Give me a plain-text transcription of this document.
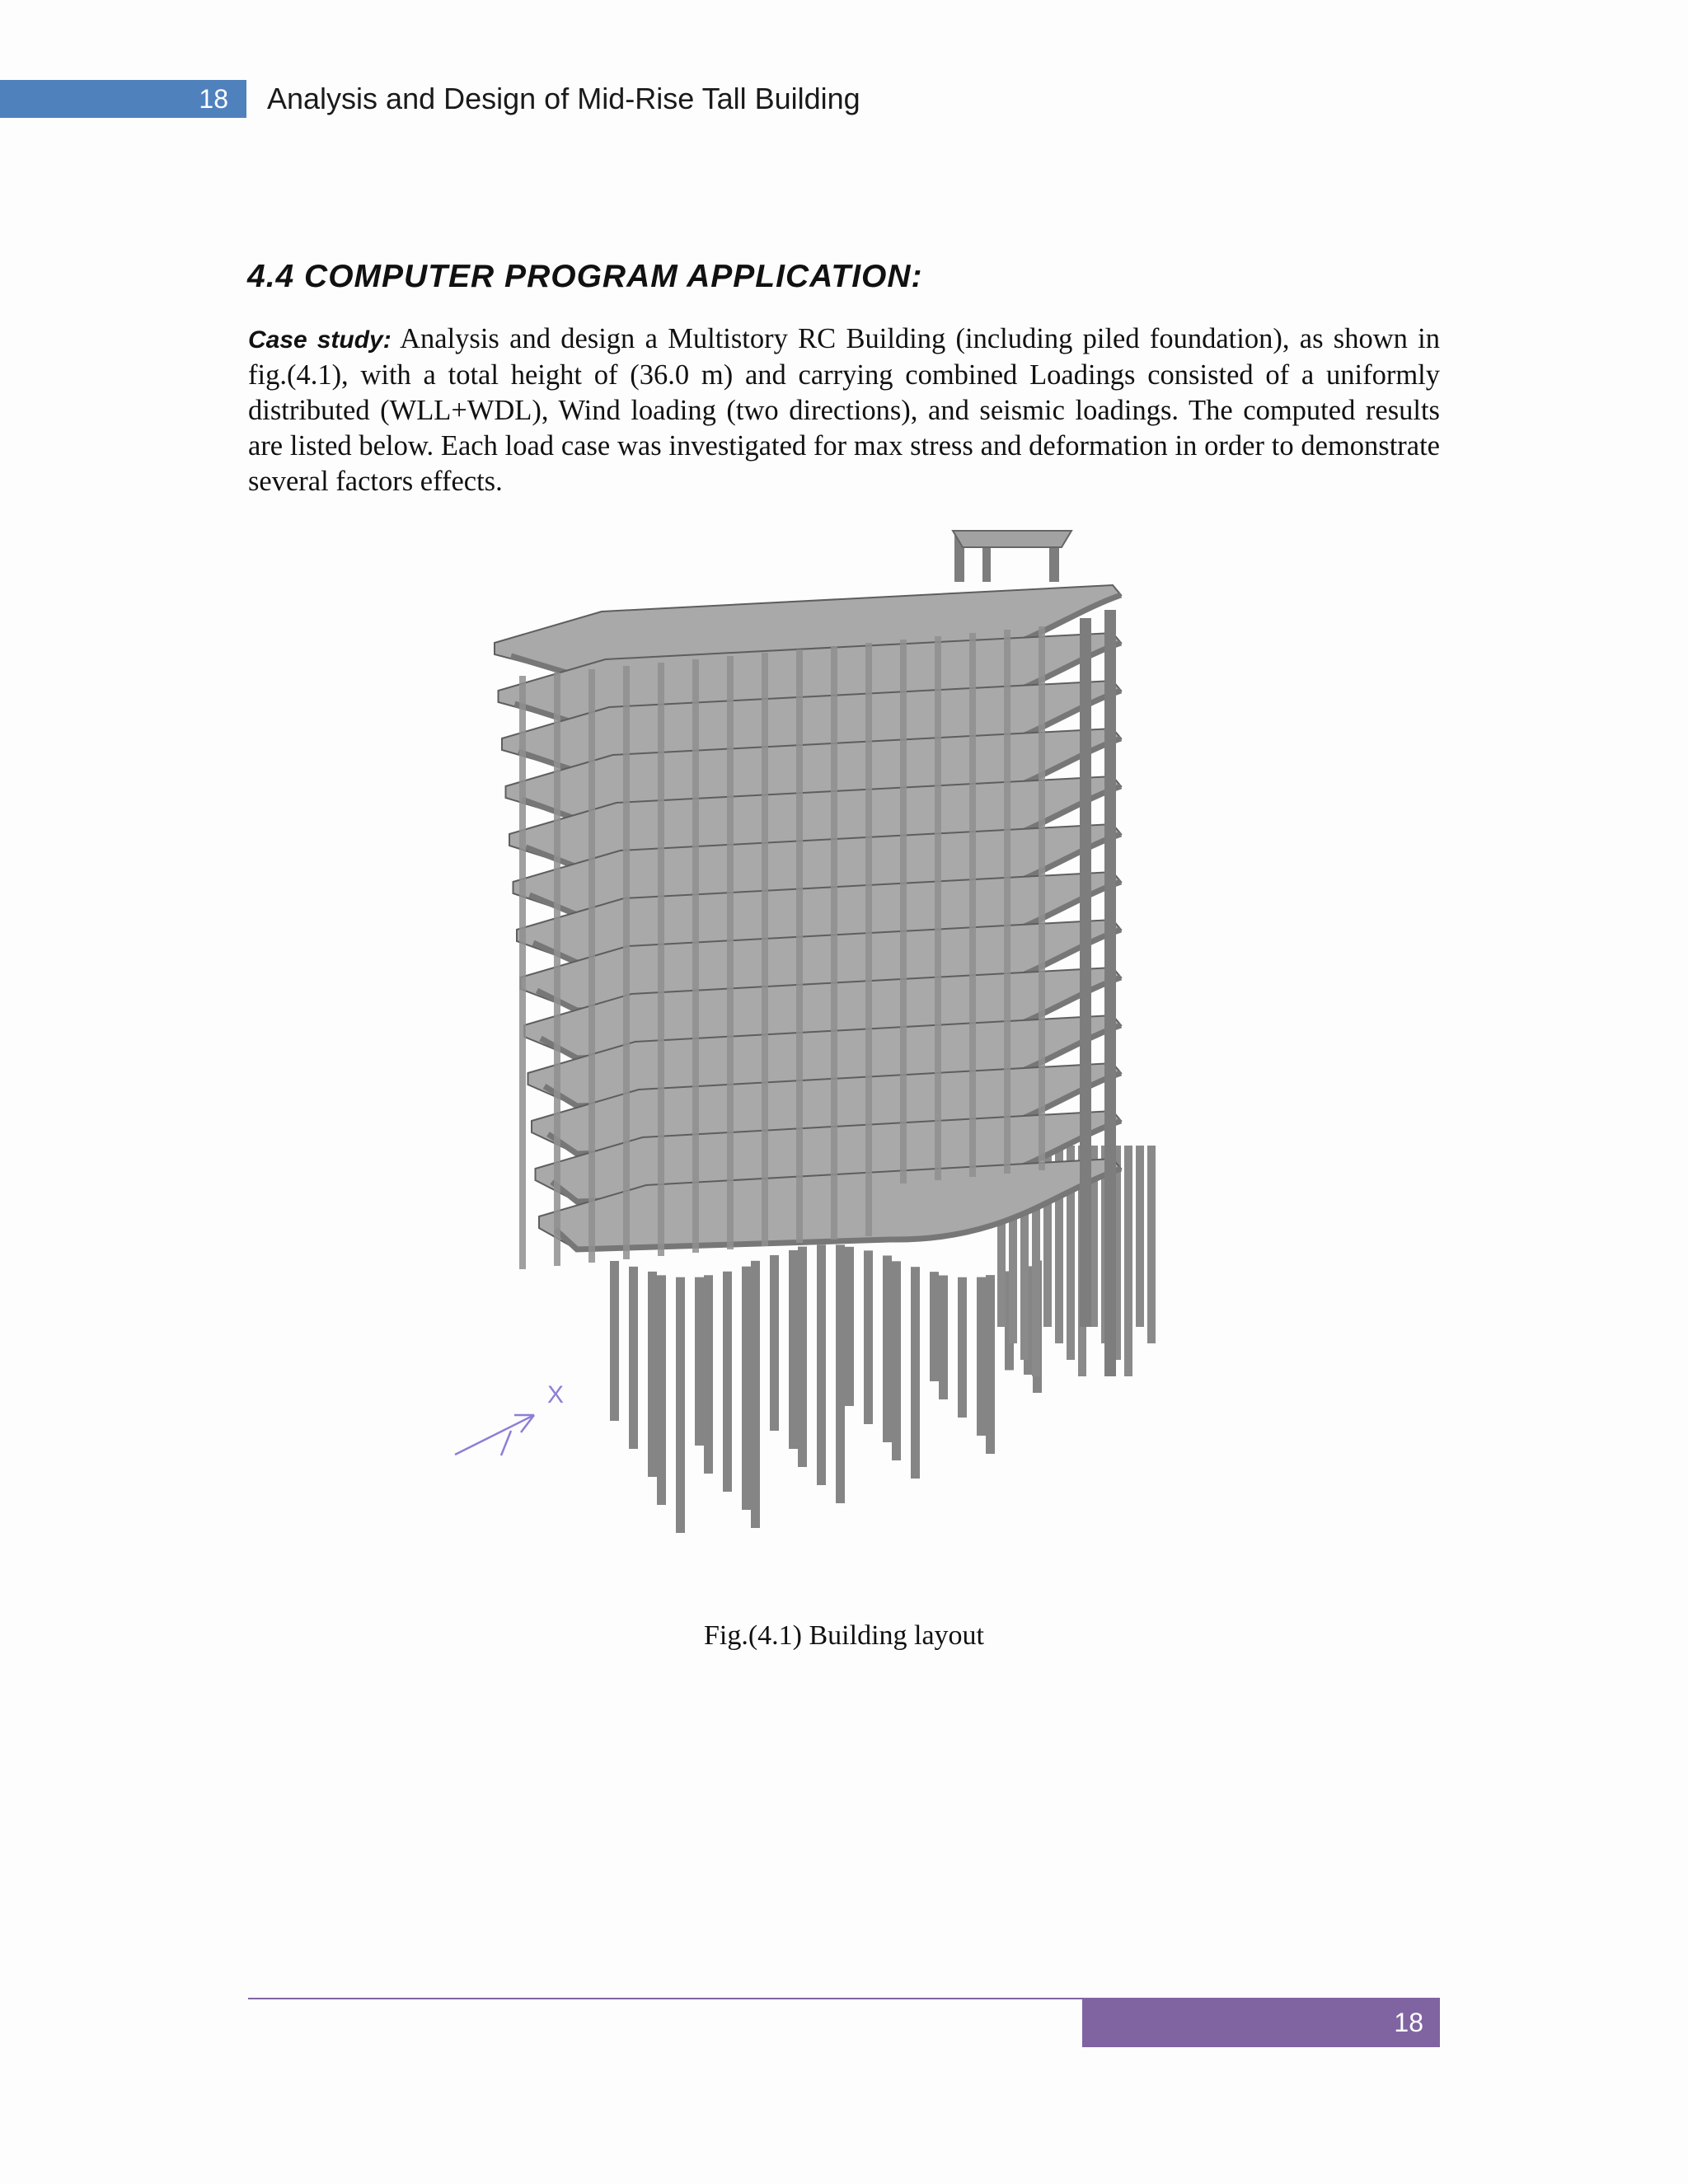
18 Analysis and Design of Mid-Rise Tall Building
4.4 COMPUTER PROGRAM APPLICATION:

Case study: Analysis and design a Multistory RC Building (including piled foundation), as shown in fig.(4.1), with a total height of (36.0 m) and carrying combined Loadings consisted of a uniformly distributed (WLL+WDL), Wind loading (two directions), and seismic loadings. The computed results are listed below. Each load case was investigated for max stress and deformation in order to demonstrate several factors effects.

X
Fig.(4.1) Building layout
18
